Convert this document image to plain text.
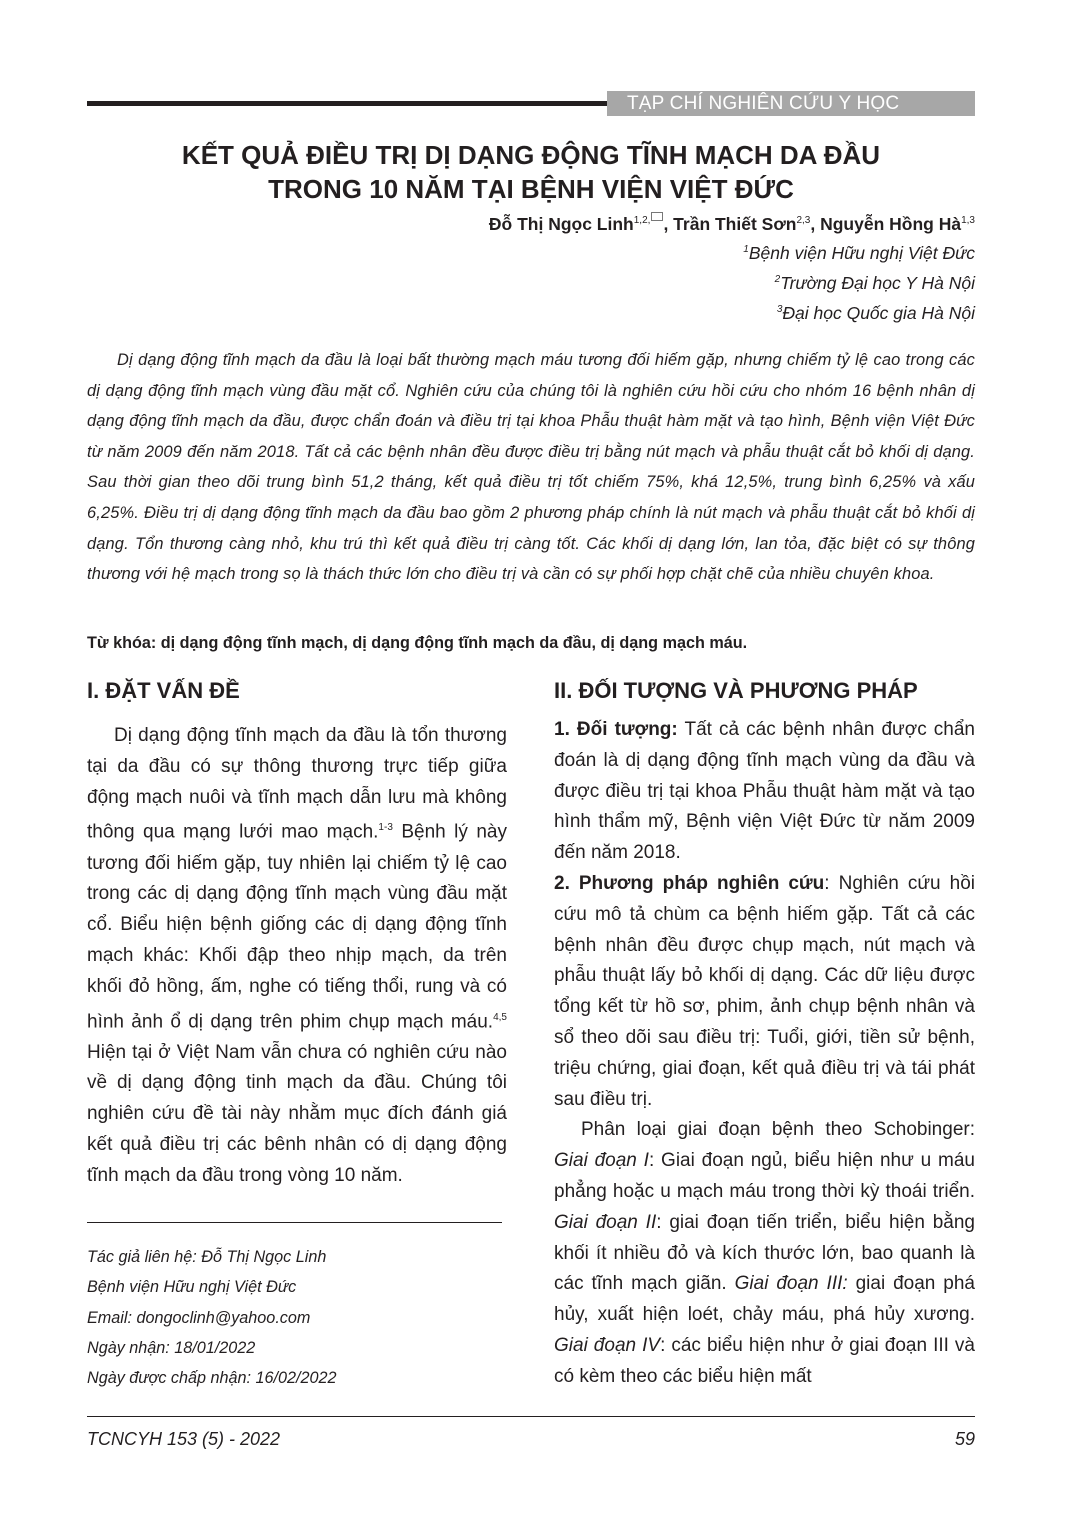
TẠP CHÍ NGHIÊN CỨU Y HỌC
KẾT QUẢ ĐIỀU TRỊ DỊ DẠNG ĐỘNG TĨNH MẠCH DA ĐẦU
TRONG 10 NĂM TẠI BỆNH VIỆN VIỆT ĐỨC
Đỗ Thị Ngọc Linh$^{1,2,}$ , Trần Thiết Sơn$^{2,3}$, Nguyễn Hồng Hà$^{1,3}$
$^1$Bệnh viện Hữu nghị Việt Đức
$^2$Trường Đại học Y Hà Nội
$^3$Đại học Quốc gia Hà Nội
Dị dạng động tĩnh mạch da đầu là loại bất thường mạch máu tương đối hiếm gặp, nhưng chiếm tỷ lệ cao trong các dị dạng động tĩnh mạch vùng đầu mặt cổ. Nghiên cứu của chúng tôi là nghiên cứu hồi cứu cho nhóm 16 bệnh nhân dị dạng động tĩnh mạch da đầu, được chẩn đoán và điều trị tại khoa Phẫu thuật hàm mặt và tạo hình, Bệnh viện Việt Đức từ năm 2009 đến năm 2018. Tất cả các bệnh nhân đều được điều trị bằng nút mạch và phẫu thuật cắt bỏ khối dị dạng. Sau thời gian theo dõi trung bình 51,2 tháng, kết quả điều trị tốt chiếm 75%, khá 12,5%, trung bình 6,25% và xấu 6,25%. Điều trị dị dạng động tĩnh mạch da đầu bao gồm 2 phương pháp chính là nút mạch và phẫu thuật cắt bỏ khối dị dạng. Tổn thương càng nhỏ, khu trú thì kết quả điều trị càng tốt. Các khối dị dạng lớn, lan tỏa, đặc biệt có sự thông thương với hệ mạch trong sọ là thách thức lớn cho điều trị và cần có sự phối hợp chặt chẽ của nhiều chuyên khoa.
Từ khóa: dị dạng động tĩnh mạch, dị dạng động tĩnh mạch da đầu, dị dạng mạch máu.
I. ĐẶT VẤN ĐỀ

Dị dạng động tĩnh mạch da đầu là tổn thương tại da đầu có sự thông thương trực tiếp giữa động mạch nuôi và tĩnh mạch dẫn lưu mà không thông qua mạng lưới mao mạch.$^{1-3}$ Bệnh lý này tương đối hiếm gặp, tuy nhiên lại chiếm tỷ lệ cao trong các dị dạng động tĩnh mạch vùng đầu mặt cổ. Biểu hiện bệnh giống các dị dạng động tĩnh mạch khác: Khối đập theo nhịp mạch, da trên khối đỏ hồng, ấm, nghe có tiếng thổi, rung và có hình ảnh ổ dị dạng trên phim chụp mạch máu.$^{4,5}$ Hiện tại ở Việt Nam vẫn chưa có nghiên cứu nào về dị dạng động tinh mạch da đầu. Chúng tôi nghiên cứu đề tài này nhằm mục đích đánh giá kết quả điều trị các bênh nhân có dị dạng động tĩnh mạch da đầu trong vòng 10 năm.

Tác giả liên hệ: Đỗ Thị Ngọc Linh
Bệnh viện Hữu nghị Việt Đức
Email: dongoclinh@yahoo.com
Ngày nhận: 18/01/2022
Ngày được chấp nhận: 16/02/2022
II. ĐỐI TƯỢNG VÀ PHƯƠNG PHÁP

1. Đối tượng: Tất cả các bệnh nhân được chẩn đoán là dị dạng động tĩnh mạch vùng da đầu và được điều trị tại khoa Phẫu thuật hàm mặt và tạo hình thẩm mỹ, Bệnh viện Việt Đức từ năm 2009 đến năm 2018.

2. Phương pháp nghiên cứu: Nghiên cứu hồi cứu mô tả chùm ca bệnh hiếm gặp. Tất cả các bệnh nhân đều được chụp mạch, nút mạch và phẫu thuật lấy bỏ khối dị dạng. Các dữ liệu được tổng kết từ hồ sơ, phim, ảnh chụp bệnh nhân và sổ theo dõi sau điều trị: Tuổi, giới, tiền sử bệnh, triệu chứng, giai đoạn, kết quả điều trị và tái phát sau điều trị.

Phân loại giai đoạn bệnh theo Schobinger: Giai đoạn I: Giai đoạn ngủ, biểu hiện như u máu phẳng hoặc u mạch máu trong thời kỳ thoái triển. Giai đoạn II: giai đoạn tiến triển, biểu hiện bằng khối ít nhiều đỏ và kích thước lớn, bao quanh là các tĩnh mạch giãn. Giai đoạn III: giai đoạn phá hủy, xuất hiện loét, chảy máu, phá hủy xương. Giai đoạn IV: các biểu hiện như ở giai đoạn III và có kèm theo các biểu hiện mất

TCNCYH 153 (5) - 2022	59
